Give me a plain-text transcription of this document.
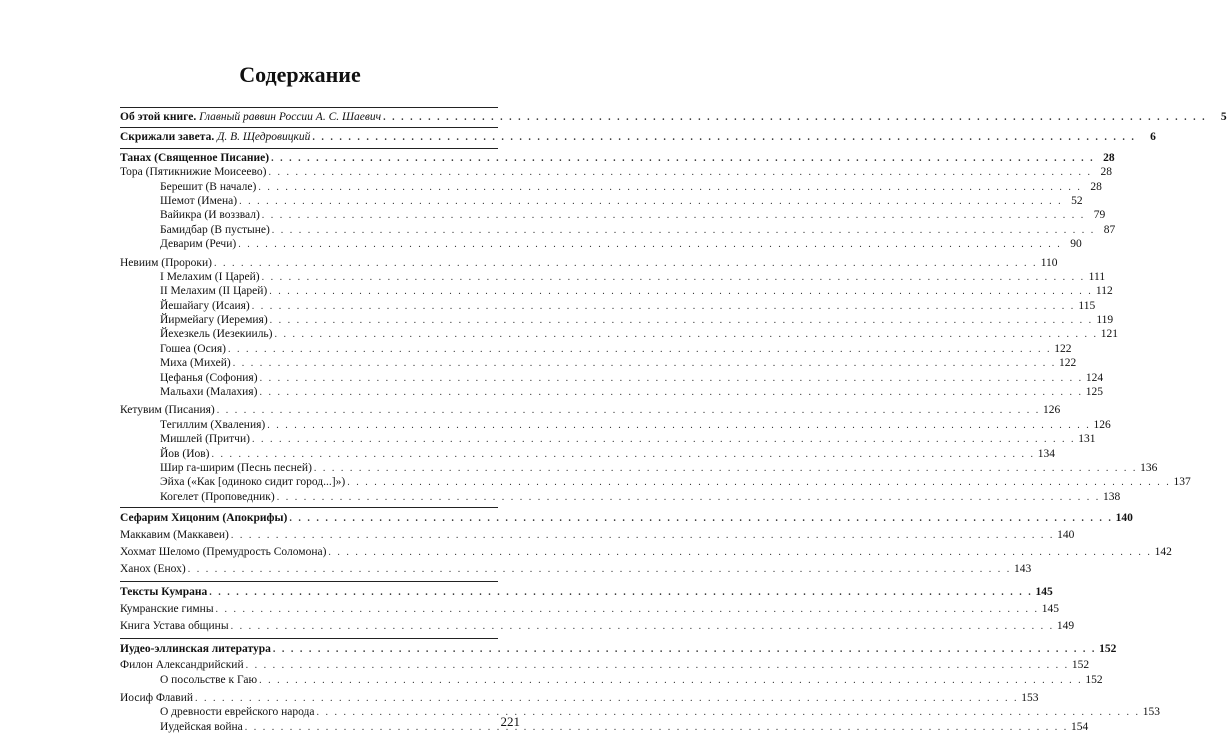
Содержание
Об этой книге. Главный раввин России А. С. Шаевич . . .	5
Скрижали завета. Д. В. Щедровицкий . . .	6
Танах (Священное Писание) . . .	28
Тора (Пятикнижие Моисеево) . . .	28
Берешит (В начале) . . .	28
Шемот (Имена) . . .	52
Вайикра (И воззвал) . . .	79
Бамидбар (В пустыне) . . .	87
Деварим (Речи) . . .	90
Невиим (Пророки) . . .	110
I Мелахим (I Царей) . . .	111
II Мелахим (II Царей) . . .	112
Йешайагу (Исаия) . . .	115
Йирмейагу (Иеремия) . . .	119
Йехезкель (Иезекииль) . . .	121
Гошеа (Осия) . . .	122
Миха (Михей) . . .	122
Цефанья (Софония) . . .	124
Мальахи (Малахия) . . .	125
Кетувим (Писания) . . .	126
Тегиллим (Хваления) . . .	126
Мишлей (Притчи) . . .	131
Йов (Иов) . . .	134
Шир га-ширим (Песнь песней) . . .	136
Эйха («Как [одиноко сидит город...]») . . .	137
Когелет (Проповедник) . . .	138
Сефарим Хицоним (Апокрифы) . . .	140
Маккавим (Маккавеи) . . .	140
Хохмат Шеломо (Премудрость Соломона) . . .	142
Ханох (Енох) . . .	143
Тексты Кумрана . . .	145
Кумранские гимны . . .	145
Книга Устава общины . . .	149
Иудео-эллинская литература . . .	152
Филон Александрийский . . .	152
О посольстве к Гаю . . .	152
Иосиф Флавий . . .	153
О древности еврейского народа . . .	153
Иудейская война . . .	154
221
